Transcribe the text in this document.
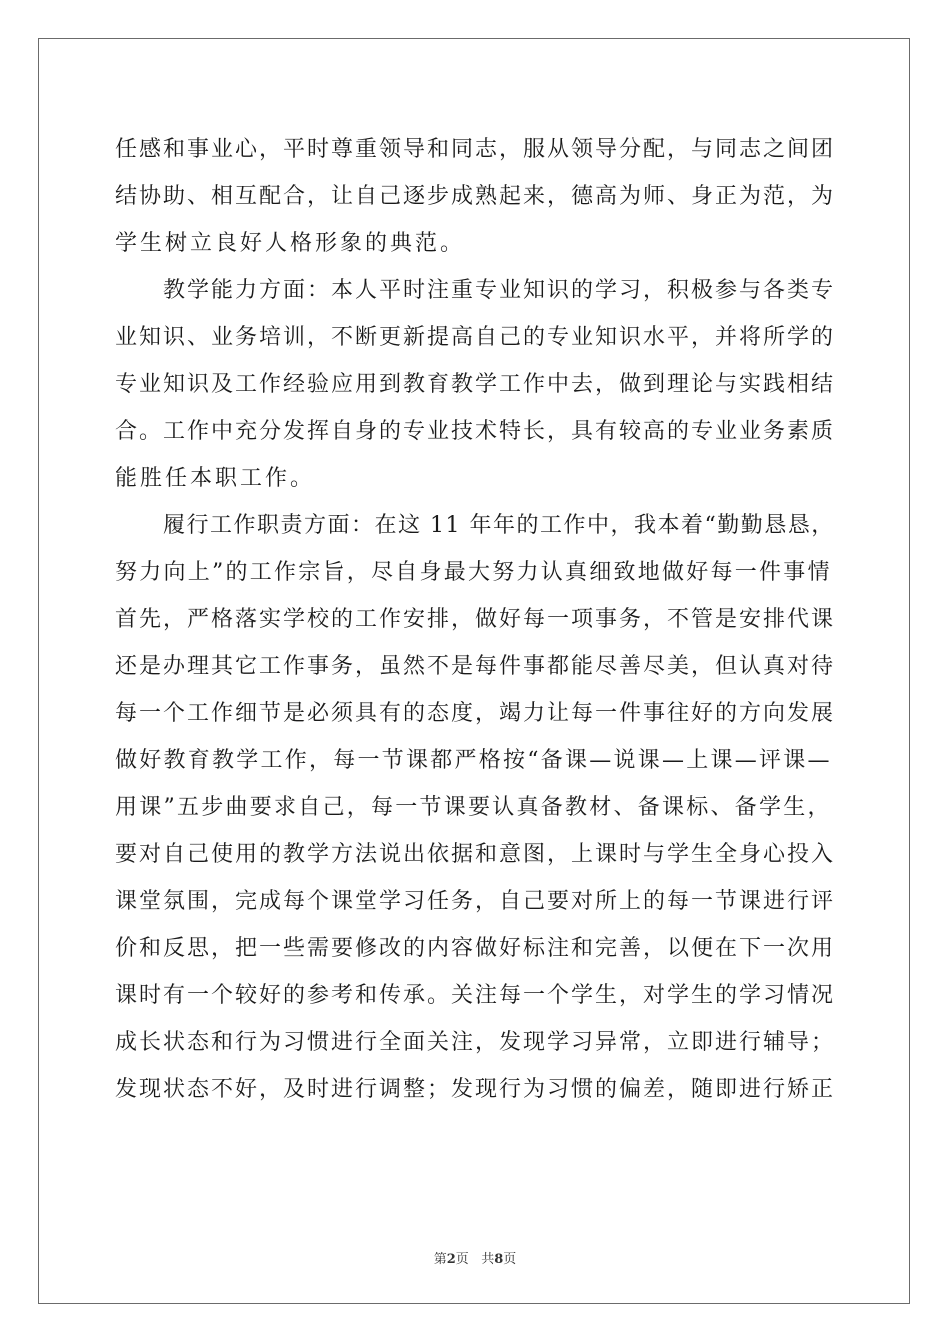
任感和事业心，平时尊重领导和同志，服从领导分配，与同志之间团
结协助、相互配合，让自己逐步成熟起来，德高为师、身正为范，为
学生树立良好人格形象的典范。
教学能力方面：本人平时注重专业知识的学习，积极参与各类专
业知识、业务培训，不断更新提高自己的专业知识水平，并将所学的
专业知识及工作经验应用到教育教学工作中去，做到理论与实践相结
合。工作中充分发挥自身的专业技术特长，具有较高的专业业务素质
能胜任本职工作。
履行工作职责方面：在这 11 年年的工作中，我本着“勤勤恳恳，
努力向上”的工作宗旨，尽自身最大努力认真细致地做好每一件事情
首先，严格落实学校的工作安排，做好每一项事务，不管是安排代课
还是办理其它工作事务，虽然不是每件事都能尽善尽美，但认真对待
每一个工作细节是必须具有的态度，竭力让每一件事往好的方向发展
做好教育教学工作，每一节课都严格按“备课—说课—上课—评课—
用课”五步曲要求自己，每一节课要认真备教材、备课标、备学生，
要对自己使用的教学方法说出依据和意图，上课时与学生全身心投入
课堂氛围，完成每个课堂学习任务，自己要对所上的每一节课进行评
价和反思，把一些需要修改的内容做好标注和完善，以便在下一次用
课时有一个较好的参考和传承。关注每一个学生，对学生的学习情况
成长状态和行为习惯进行全面关注，发现学习异常，立即进行辅导；
发现状态不好，及时进行调整；发现行为习惯的偏差，随即进行矫正
第2页 共8页
